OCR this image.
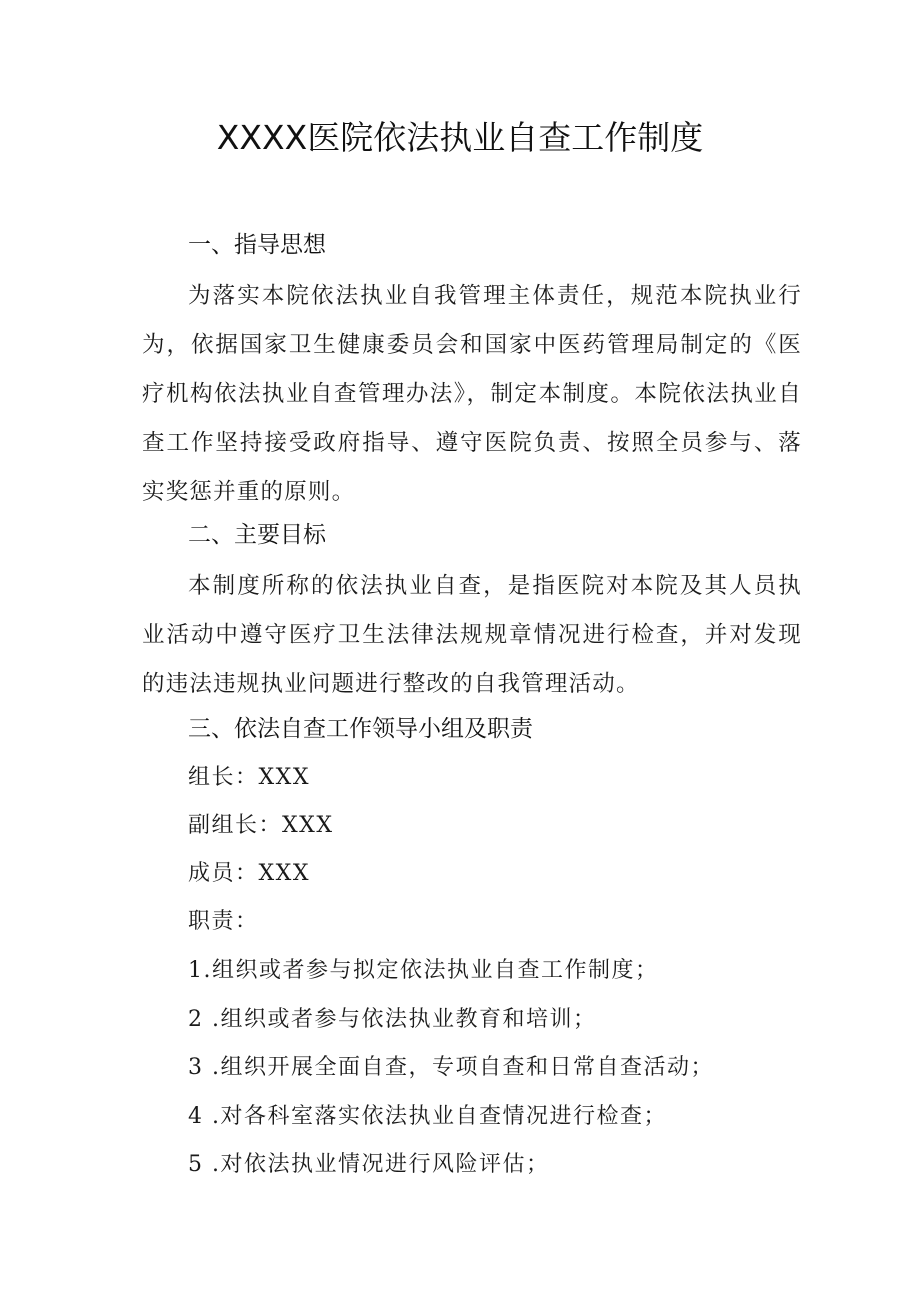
XXXX医院依法执业自查工作制度
一、指导思想
为落实本院依法执业自我管理主体责任，规范本院执业行为，依据国家卫生健康委员会和国家中医药管理局制定的《医疗机构依法执业自查管理办法》，制定本制度。本院依法执业自查工作坚持接受政府指导、遵守医院负责、按照全员参与、落实奖惩并重的原则。
二、主要目标
本制度所称的依法执业自查，是指医院对本院及其人员执业活动中遵守医疗卫生法律法规规章情况进行检查，并对发现的违法违规执业问题进行整改的自我管理活动。
三、依法自查工作领导小组及职责
组长：XXX
副组长：XXX
成员：XXX
职责：
1.组织或者参与拟定依法执业自查工作制度；
2 .组织或者参与依法执业教育和培训；
3 .组织开展全面自查，专项自查和日常自查活动；
4 .对各科室落实依法执业自查情况进行检查；
5 .对依法执业情况进行风险评估；
